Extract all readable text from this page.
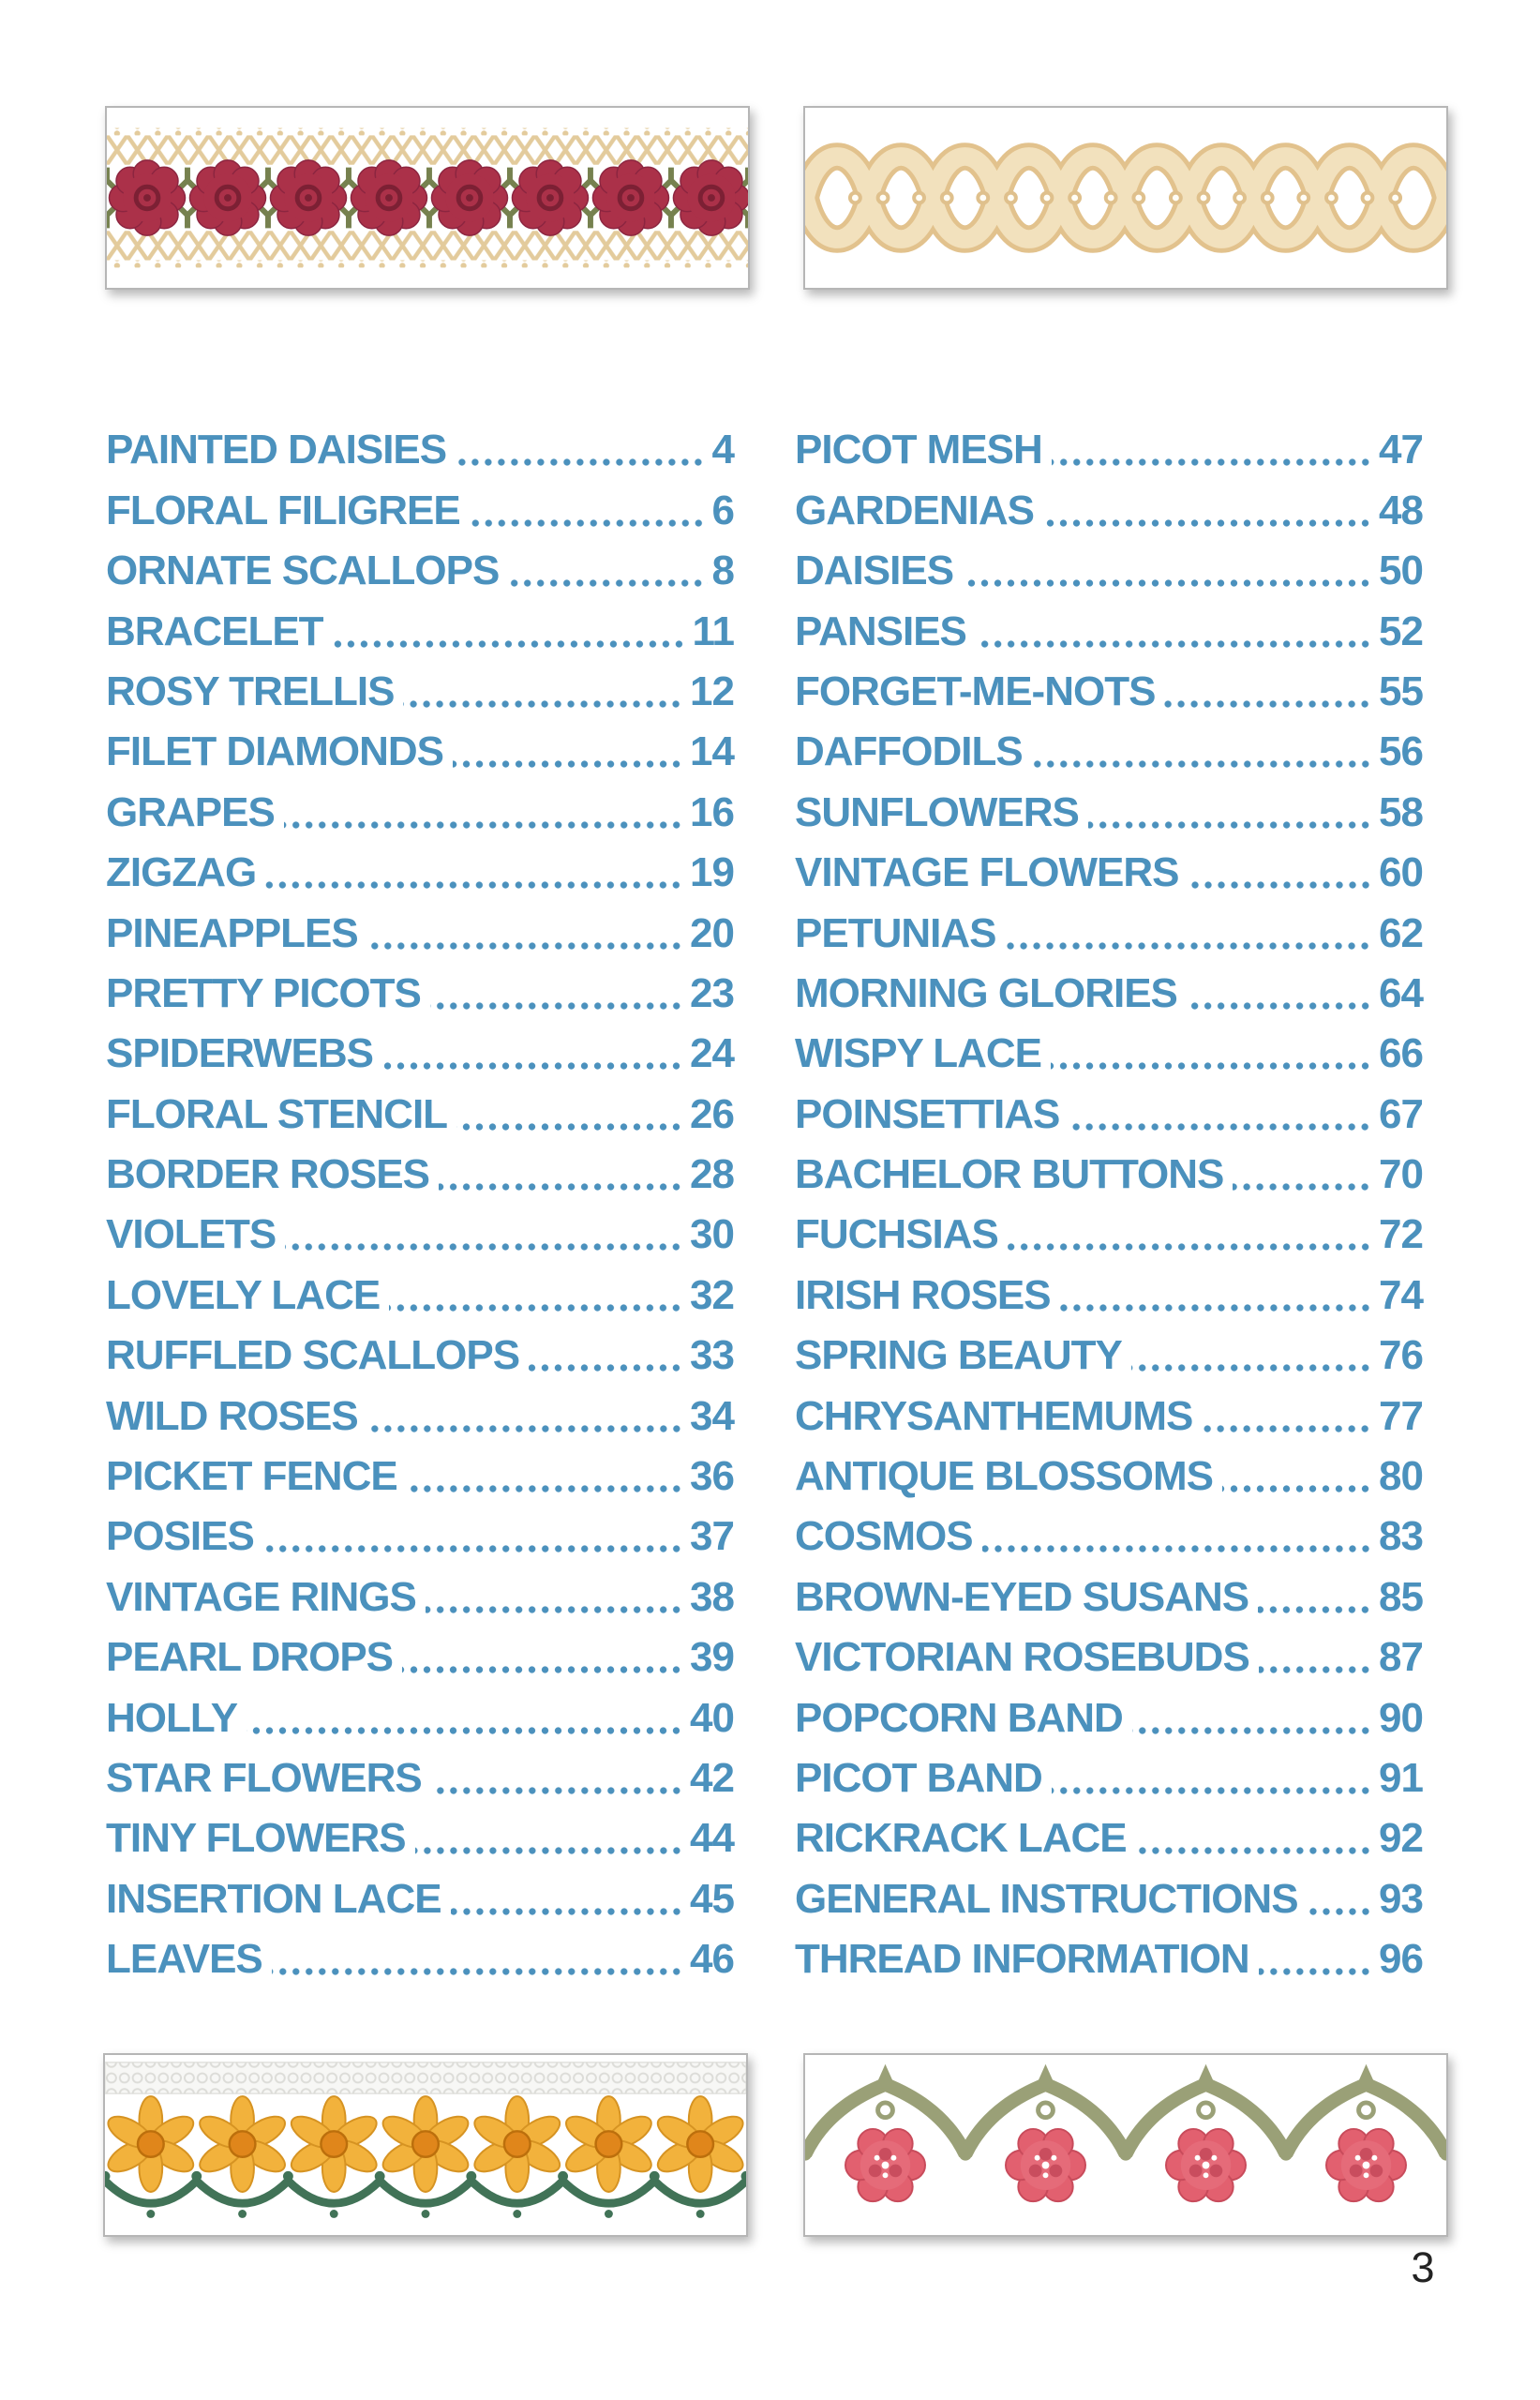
PAINTED DAISIES	4
FLORAL FILIGREE	6
ORNATE SCALLOPS	8
BRACELET	11
ROSY TRELLIS	12
FILET DIAMONDS	14
GRAPES	16
ZIGZAG	19
PINEAPPLES	20
PRETTY PICOTS	23
SPIDERWEBS	24
FLORAL STENCIL	26
BORDER ROSES	28
VIOLETS	30
LOVELY LACE	32
RUFFLED SCALLOPS	33
WILD ROSES	34
PICKET FENCE	36
POSIES	37
VINTAGE RINGS	38
PEARL DROPS	39
HOLLY	40
STAR FLOWERS	42
TINY FLOWERS	44
INSERTION LACE	45
LEAVES	46
PICOT MESH	47
GARDENIAS	48
DAISIES	50
PANSIES	52
FORGET-ME-NOTS	55
DAFFODILS	56
SUNFLOWERS	58
VINTAGE FLOWERS	60
PETUNIAS	62
MORNING GLORIES	64
WISPY LACE	66
POINSETTIAS	67
BACHELOR BUTTONS	70
FUCHSIAS	72
IRISH ROSES	74
SPRING BEAUTY	76
CHRYSANTHEMUMS	77
ANTIQUE BLOSSOMS	80
COSMOS	83
BROWN-EYED SUSANS	85
VICTORIAN ROSEBUDS	87
POPCORN BAND	90
PICOT BAND	91
RICKRACK LACE	92
GENERAL INSTRUCTIONS 93
THREAD INFORMATION	96
3
